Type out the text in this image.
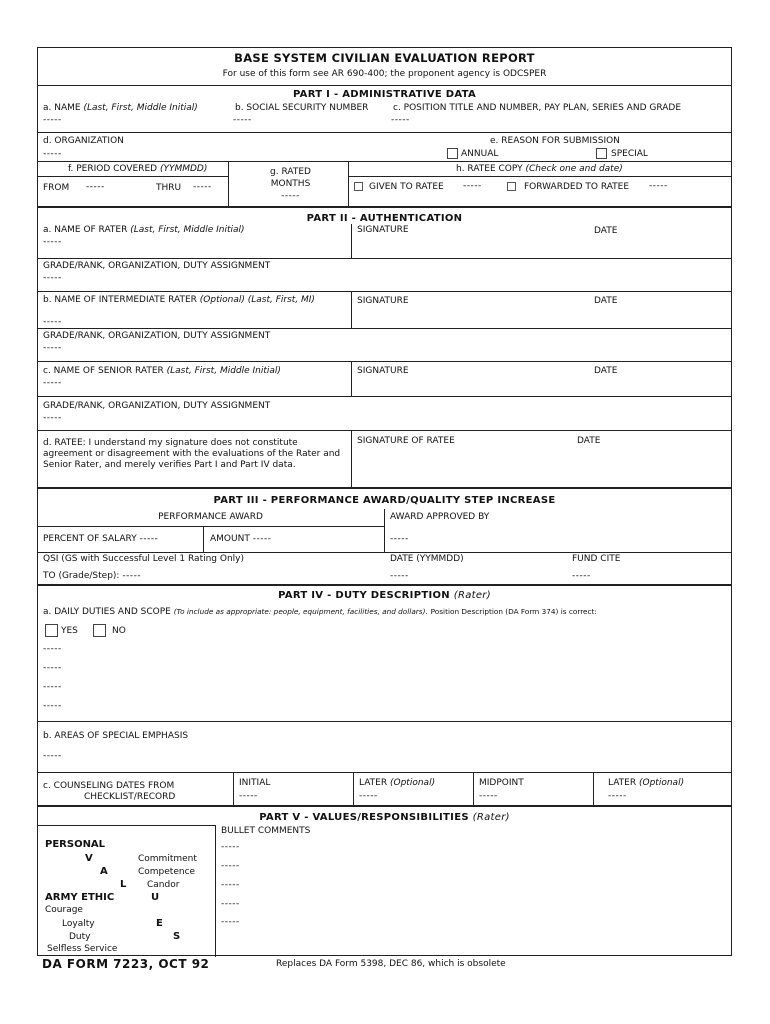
BASE SYSTEM CIVILIAN EVALUATION REPORT
For use of this form see AR 690-400; the proponent agency is ODCSPER
PART I - ADMINISTRATIVE DATA
a. NAME (Last, First, Middle Initial)
-----
b. SOCIAL SECURITY NUMBER
-----
c. POSITION TITLE AND NUMBER, PAY PLAN, SERIES AND GRADE
-----
d. ORGANIZATION
-----
e. REASON FOR SUBMISSION
ANNUAL	SPECIAL
f. PERIOD COVERED (YYMMDD)
FROM -----	THRU -----
g. RATED
MONTHS
-----
h. RATEE COPY (Check one and date)
GIVEN TO RATEE -----	FORWARDED TO RATEE -----
PART II - AUTHENTICATION
a. NAME OF RATER (Last, First, Middle Initial)
-----
SIGNATURE	DATE
GRADE/RANK, ORGANIZATION, DUTY ASSIGNMENT
-----
b. NAME OF INTERMEDIATE RATER (Optional) (Last, First, MI)
-----
SIGNATURE	DATE
GRADE/RANK, ORGANIZATION, DUTY ASSIGNMENT
-----
c. NAME OF SENIOR RATER (Last, First, Middle Initial)
-----
SIGNATURE	DATE
GRADE/RANK, ORGANIZATION, DUTY ASSIGNMENT
-----
d. RATEE: I understand my signature does not constitute agreement or disagreement with the evaluations of the Rater and Senior Rater, and merely verifies Part I and Part IV data.
SIGNATURE OF RATEE	DATE
PART III - PERFORMANCE AWARD/QUALITY STEP INCREASE
PERFORMANCE AWARD	AWARD APPROVED BY
PERCENT OF SALARY -----	AMOUNT -----	-----
QSI (GS with Successful Level 1 Rating Only)	DATE (YYMMDD)	FUND CITE
TO (Grade/Step): -----	-----	-----
PART IV - DUTY DESCRIPTION (Rater)
a. DAILY DUTIES AND SCOPE (To include as appropriate: people, equipment, facilities, and dollars). Position Description (DA Form 374) is correct:
YES	NO
-----
-----
-----
-----
b. AREAS OF SPECIAL EMPHASIS
-----
c. COUNSELING DATES FROM
CHECKLIST/RECORD
INITIAL
-----
LATER (Optional)
-----
MIDPOINT
-----
LATER (Optional)
-----
PART V - VALUES/RESPONSIBILITIES (Rater)
BULLET COMMENTS
-----
-----
-----
-----
-----
PERSONAL
V	Commitment
A	Competence
L Candor
ARMY ETHIC	U
Courage
Loyalty	E
Duty	S
Selfless Service
DA FORM 7223, OCT 92	Replaces DA Form 5398, DEC 86, which is obsolete
